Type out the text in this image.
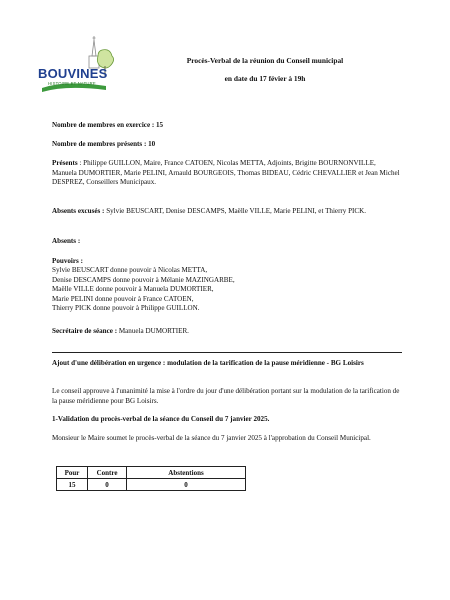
BOUVINES
HISTOIRE ET NATURE
Procès-Verbal de la réunion du Conseil municipal
en date du 17 févier à 19h
Nombre de membres en exercice : 15
Nombre de membres présents : 10
Présents : Philippe GUILLON, Maire, France CATOEN, Nicolas METTA, Adjoints, Brigitte BOURNONVILLE, Manuela DUMORTIER, Marie PELINI, Arnauld BOURGEOIS, Thomas BIDEAU, Cédric CHEVALLIER et Jean Michel DESPREZ, Conseillers Municipaux.
Absents excusés : Sylvie BEUSCART, Denise DESCAMPS, Maëlle VILLE, Marie PELINI, et Thierry PICK.
Absents :
Pouvoirs :
Sylvie BEUSCART donne pouvoir à Nicolas METTA,
Denise DESCAMPS donne pouvoir à Mélanie MAZINGARBE,
Maëlle VILLE donne pouvoir à Manuela DUMORTIER,
Marie PELINI donne pouvoir à France CATOEN,
Thierry PICK donne pouvoir à Philippe GUILLON.
Secrétaire de séance : Manuela DUMORTIER.
Ajout d'une délibération en urgence : modulation de la tarification de la pause méridienne - BG Loisirs
Le conseil approuve à l'unanimité la mise à l'ordre du jour d'une délibération portant sur la modulation de la tarification de la pause méridienne pour BG Loisirs.
1-Validation du procès-verbal de la séance du Conseil du 7 janvier 2025.
Monsieur le Maire soumet le procès-verbal de la séance du 7 janvier 2025 à l'approbation du Conseil Municipal.
Pour	Contre	Abstentions
15	0	0
